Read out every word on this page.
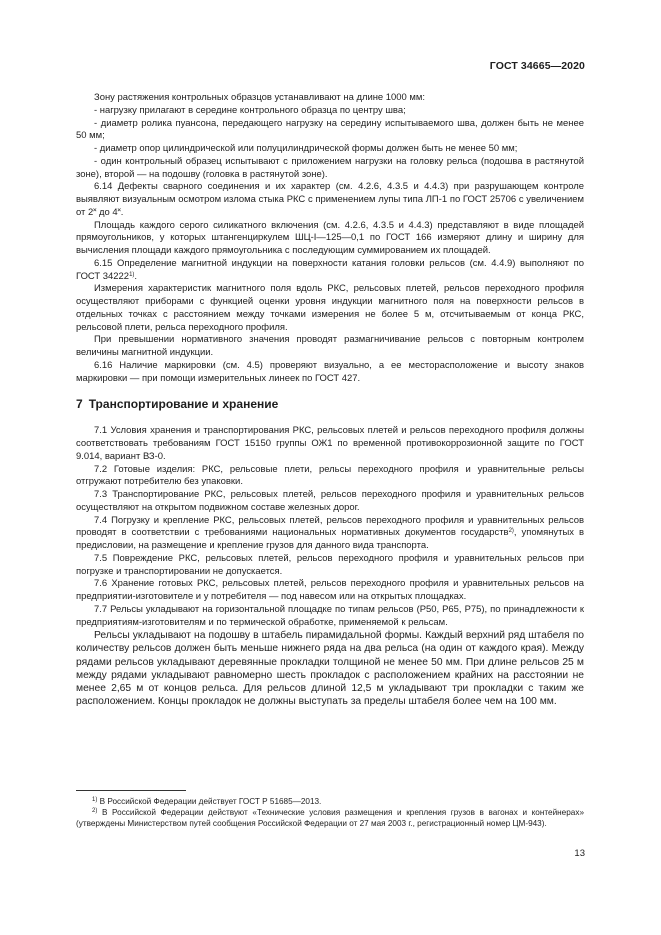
ГОСТ 34665—2020

Зону растяжения контрольных образцов устанавливают на длине 1000 мм:

- нагрузку прилагают в середине контрольного образца по центру шва;

- диаметр ролика пуансона, передающего нагрузку на середину испытываемого шва, должен быть не менее 50 мм;

- диаметр опор цилиндрической или полуцилиндрической формы должен быть не менее 50 мм;

- один контрольный образец испытывают с приложением нагрузки на головку рельса (подошва в растянутой зоне), второй — на подошву (головка в растянутой зоне).

6.14 Дефекты сварного соединения и их характер (см. 4.2.6, 4.3.5 и 4.4.3) при разрушающем контроле выявляют визуальным осмотром излома стыка РКС с применением лупы типа ЛП-1 по ГОСТ 25706 с увеличением от 2˟ до 4˟.

Площадь каждого серого силикатного включения (см. 4.2.6, 4.3.5 и 4.4.3) представляют в виде площадей прямоугольников, у которых штангенциркулем ШЦ-I—125—0,1 по ГОСТ 166 измеряют длину и ширину для вычисления площади каждого прямоугольника с последующим суммированием их площадей.

6.15 Определение магнитной индукции на поверхности катания головки рельсов (см. 4.4.9) выполняют по ГОСТ 34222$^{1)}$.

Измерения характеристик магнитного поля вдоль РКС, рельсовых плетей, рельсов переходного профиля осуществляют приборами с функцией оценки уровня индукции магнитного поля на поверхности рельсов в отдельных точках с расстоянием между точками измерения не более 5 м, отсчитываемым от конца РКС, рельсовой плети, рельса переходного профиля.

При превышении нормативного значения проводят размагничивание рельсов с повторным контролем величины магнитной индукции.

6.16 Наличие маркировки (см. 4.5) проверяют визуально, а ее месторасположение и высоту знаков маркировки — при помощи измерительных линеек по ГОСТ 427.

7 Транспортирование и хранение

7.1 Условия хранения и транспортирования РКС, рельсовых плетей и рельсов переходного профиля должны соответствовать требованиям ГОСТ 15150 группы ОЖ1 по временной противокоррозионной защите по ГОСТ 9.014, вариант ВЗ-0.

7.2 Готовые изделия: РКС, рельсовые плети, рельсы переходного профиля и уравнительные рельсы отгружают потребителю без упаковки.

7.3 Транспортирование РКС, рельсовых плетей, рельсов переходного профиля и уравнительных рельсов осуществляют на открытом подвижном составе железных дорог.

7.4 Погрузку и крепление РКС, рельсовых плетей, рельсов переходного профиля и уравнительных рельсов проводят в соответствии с требованиями национальных нормативных документов государств$^{2)}$, упомянутых в предисловии, на размещение и крепление грузов для данного вида транспорта.

7.5 Повреждение РКС, рельсовых плетей, рельсов переходного профиля и уравнительных рельсов при погрузке и транспортировании не допускается.

7.6 Хранение готовых РКС, рельсовых плетей, рельсов переходного профиля и уравнительных рельсов на предприятии-изготовителе и у потребителя — под навесом или на открытых площадках.

7.7 Рельсы укладывают на горизонтальной площадке по типам рельсов (Р50, Р65, Р75), по принадлежности к предприятиям-изготовителям и по термической обработке, применяемой к рельсам.

Рельсы укладывают на подошву в штабель пирамидальной формы. Каждый верхний ряд штабеля по количеству рельсов должен быть меньше нижнего ряда на два рельса (на один от каждого края). Между рядами рельсов укладывают деревянные прокладки толщиной не менее 50 мм. При длине рельсов 25 м между рядами укладывают равномерно шесть прокладок с расположением крайних на расстоянии не менее 2,65 м от концов рельса. Для рельсов длиной 12,5 м укладывают три прокладки с таким же расположением. Концы прокладок не должны выступать за пределы штабеля более чем на 100 мм.

$^{1)}$ В Российской Федерации действует ГОСТ Р 51685—2013.

$^{2)}$ В Российской Федерации действуют «Технические условия размещения и крепления грузов в вагонах и контейнерах» (утверждены Министерством путей сообщения Российской Федерации от 27 мая 2003 г., регистрационный номер ЦМ-943).

13
